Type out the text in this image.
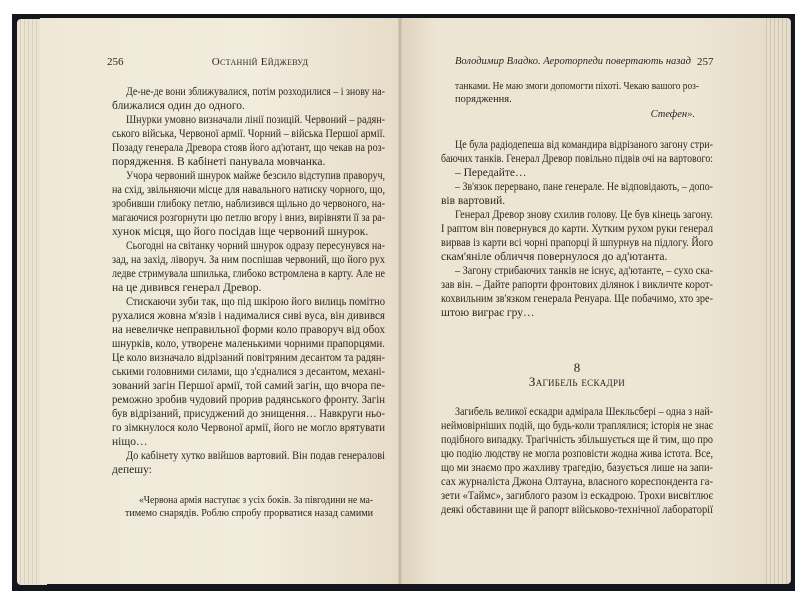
256	Останній Ейджевуд	Володимир Владко. Аероторпеди повертають назад 257
Де-не-де вони зближувалися, потім розходилися – і знову на-
ближалися один до одного.
Шнурки умовно визначали лінії позицій. Червоний – радян-
ського війська, Червоної армії. Чорний – війська Першої армії.
Позаду генерала Древора стояв його ад'ютант, що чекав на роз-
порядження. В кабінеті панувала мовчанка.
Учора червоний шнурок майже безсило відступив праворуч,
на схід, звільняючи місце для навального натиску чорного, що,
зробивши глибоку петлю, наблизився щільно до червоного, на-
магаючися розгорнути цю петлю вгору і вниз, вирівняти її за ра-
хунок місця, що його посідав іще червоний шнурок.
Сьогодні на світанку чорний шнурок одразу пересунувся на-
зад, на захід, ліворуч. За ним поспішав червоний, що його рух
ледве стримувала шпилька, глибоко встромлена в карту. Але не
на це дивився генерал Древор.
Стискаючи зуби так, що під шкірою його вилиць помітно
рухалися жовна м'язів і надималися сиві вуса, він дивився
на невеличке неправильної форми коло праворуч від обох
шнурків, коло, утворене маленькими чорними прапорцями.
Це коло визначало відрізаний повітряним десантом та радян-
ськими головними силами, що з'єдналися з десантом, механі-
зований загін Першої армії, той самий загін, що вчора пе-
реможно зробив чудовий прорив радянського фронту. Загін
був відрізаний, присуджений до знищення… Навкруги ньо-
го зімкнулося коло Червоної армії, його не могло врятувати
ніщо…
До кабінету хутко ввійшов вартовий. Він подав генералові
депешу:
«Червона армія наступає з усіх боків. За півгодини не ма-
тимемо снарядів. Роблю спробу прорватися назад самими
танками. Не маю змоги допомогти піхоті. Чекаю вашого роз-
порядження.
Стефен».
Це була радіодепеша від командира відрізаного загону стри-
баючих танків. Генерал Древор повільно підвів очі на вартового:
– Передайте…
– Зв'язок перервано, пане генерале. Не відповідають, – допо-
вів вартовий.
Генерал Древор знову схилив голову. Це був кінець загону.
І раптом він повернувся до карти. Хутким рухом руки генерал
вирвав із карти всі чорні прапорці й шпурнув на підлогу. Його
скам'яніле обличчя повернулося до ад'ютанта.
– Загону стрибаючих танків не існує, ад'ютанте, – сухо ска-
зав він. – Дайте рапорти фронтових ділянок і викличте корот-
кохвильним зв'язком генерала Ренуара. Ще побачимо, хто зре-
штою виграє гру…
8
Загибель ескадри
Загибель великої ескадри адмірала Шекльсбері – одна з най-
неймовірніших подій, що будь-коли траплялися; історія не знає
подібного випадку. Трагічність збільшується ще й тим, що про
цю подію людству не могла розповісти жодна жива істота. Все,
що ми знаємо про жахливу трагедію, базується лише на запи-
сах журналіста Джона Олтауна, власного кореспондента га-
зети «Таймс», загиблого разом із ескадрою. Трохи висвітлює
деякі обставини ще й рапорт військово-технічної лабораторії
